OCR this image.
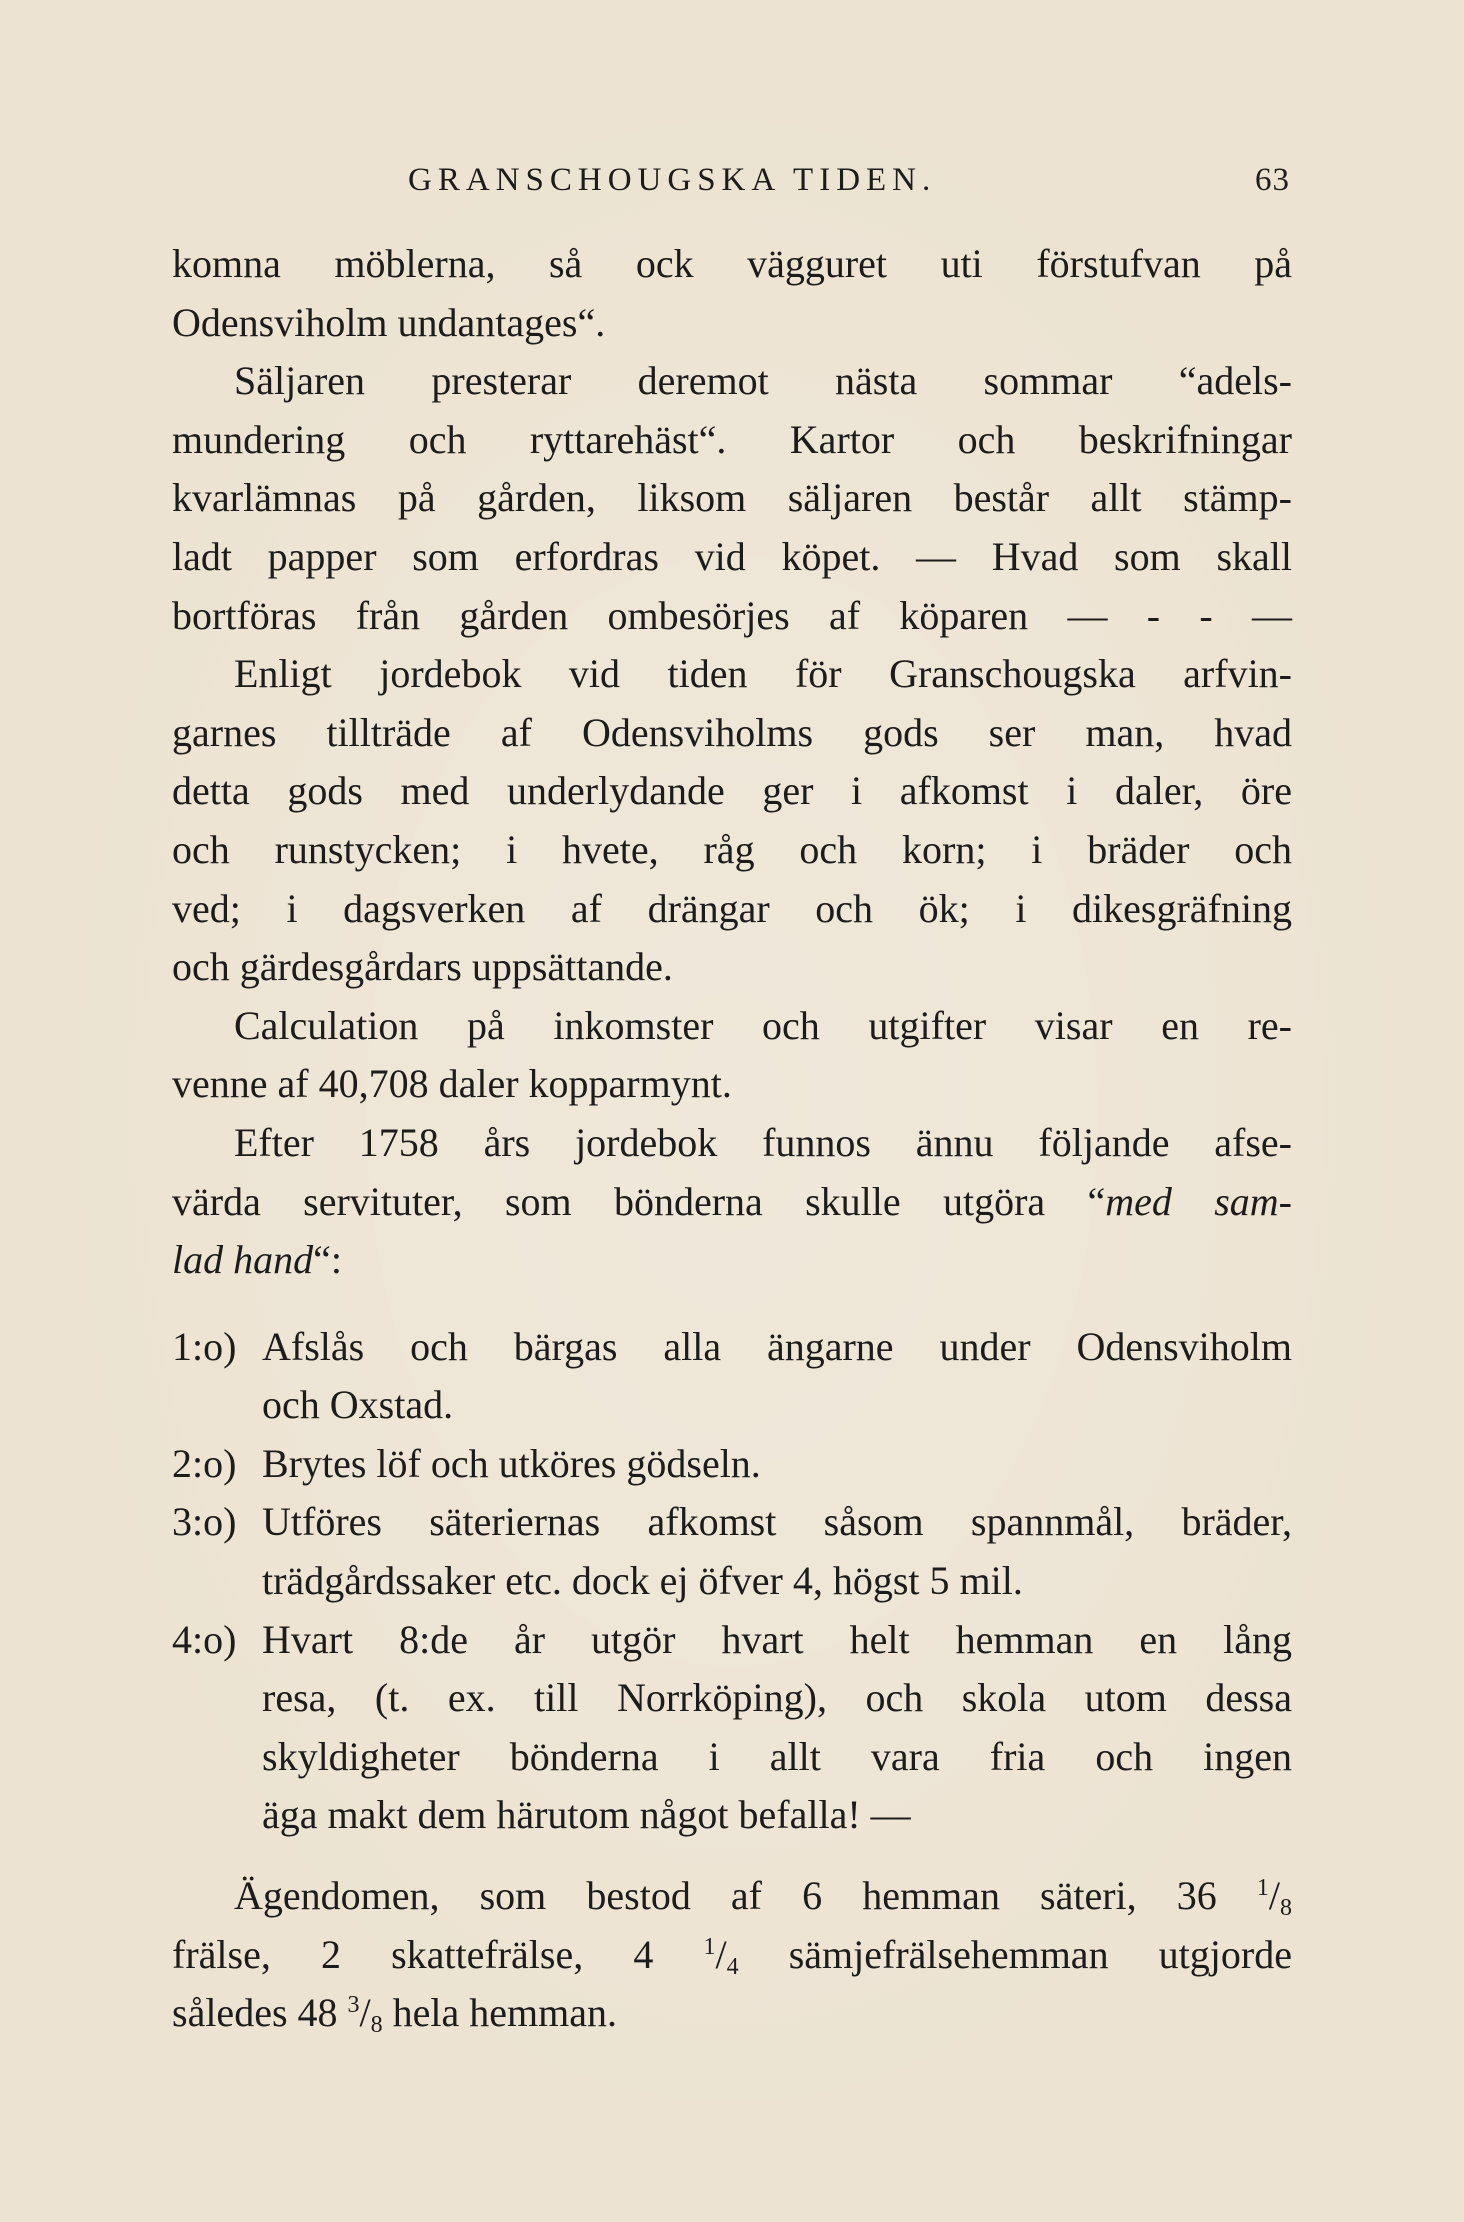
GRANSCHOUGSKA TIDEN.	63
komna möblerna, så ock vägguret uti förstufvan på
Odensviholm undantages“.
Säljaren presterar deremot nästa sommar “adels-
mundering och ryttarehäst“. Kartor och beskrifningar
kvarlämnas på gården, liksom säljaren består allt stämp-
ladt papper som erfordras vid köpet. — Hvad som skall
bortföras från gården ombesörjes af köparen — - - —
Enligt jordebok vid tiden för Granschougska arfvin-
garnes tillträde af Odensviholms gods ser man, hvad
detta gods med underlydande ger i afkomst i daler, öre
och runstycken; i hvete, råg och korn; i bräder och
ved; i dagsverken af drängar och ök; i dikesgräfning
och gärdesgårdars uppsättande.
Calculation på inkomster och utgifter visar en re-
venne af 40,708 daler kopparmynt.
Efter 1758 års jordebok funnos ännu följande afse-
värda servituter, som bönderna skulle utgöra “med sam-
lad hand“:
1:o) Afslås och bärgas alla ängarne under Odensviholm
och Oxstad.
2:o) Brytes löf och utköres gödseln.
3:o) Utföres säteriernas afkomst såsom spannmål, bräder,
trädgårdssaker etc. dock ej öfver 4, högst 5 mil.
4:o) Hvart 8:de år utgör hvart helt hemman en lång
resa, (t. ex. till Norrköping), och skola utom dessa
skyldigheter bönderna i allt vara fria och ingen
äga makt dem härutom något befalla! —
Ägendomen, som bestod af 6 hemman säteri, 36 $^1/_8$
frälse, 2 skattefrälse, 4 $^1/_4$ sämjefrälsehemman utgjorde
således 48 $^3/_8$ hela hemman.
